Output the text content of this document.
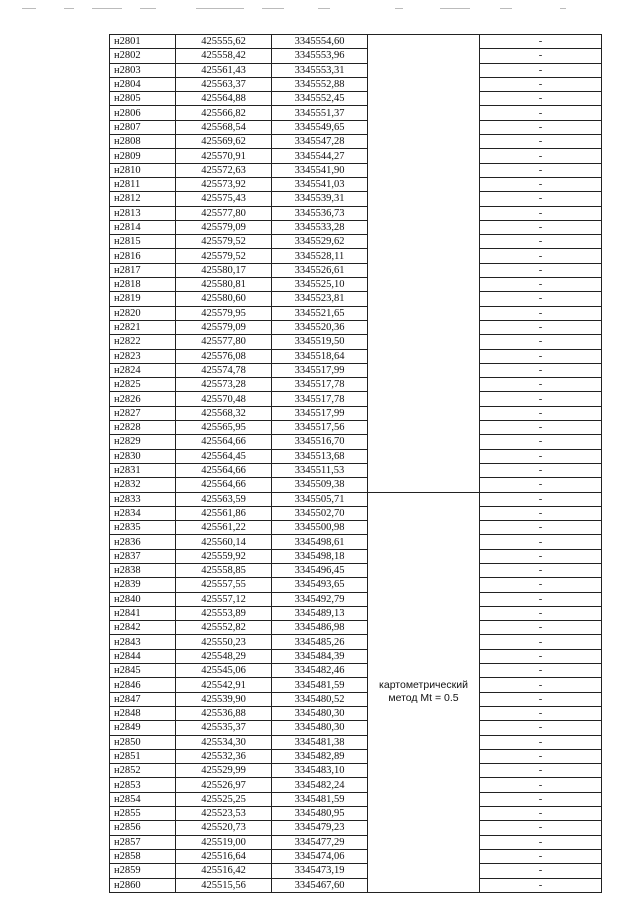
н2801	425555,62	3345554,60		-
н2802	425558,42	3345553,96		-
н2803	425561,43	3345553,31		-
н2804	425563,37	3345552,88		-
н2805	425564,88	3345552,45		-
н2806	425566,82	3345551,37		-
н2807	425568,54	3345549,65		-
н2808	425569,62	3345547,28		-
н2809	425570,91	3345544,27		-
н2810	425572,63	3345541,90		-
н2811	425573,92	3345541,03		-
н2812	425575,43	3345539,31		-
н2813	425577,80	3345536,73		-
н2814	425579,09	3345533,28		-
н2815	425579,52	3345529,62		-
н2816	425579,52	3345528,11		-
н2817	425580,17	3345526,61		-
н2818	425580,81	3345525,10		-
н2819	425580,60	3345523,81		-
н2820	425579,95	3345521,65		-
н2821	425579,09	3345520,36		-
н2822	425577,80	3345519,50		-
н2823	425576,08	3345518,64		-
н2824	425574,78	3345517,99		-
н2825	425573,28	3345517,78		-
н2826	425570,48	3345517,78		-
н2827	425568,32	3345517,99		-
н2828	425565,95	3345517,56		-
н2829	425564,66	3345516,70		-
н2830	425564,45	3345513,68		-
н2831	425564,66	3345511,53		-
н2832	425564,66	3345509,38		-
н2833	425563,59	3345505,71	картометрический метод Mt = 0.5	-
н2834	425561,86	3345502,70		-
н2835	425561,22	3345500,98		-
н2836	425560,14	3345498,61		-
н2837	425559,92	3345498,18		-
н2838	425558,85	3345496,45		-
н2839	425557,55	3345493,65		-
н2840	425557,12	3345492,79		-
н2841	425553,89	3345489,13		-
н2842	425552,82	3345486,98		-
н2843	425550,23	3345485,26		-
н2844	425548,29	3345484,39		-
н2845	425545,06	3345482,46		-
н2846	425542,91	3345481,59		-
н2847	425539,90	3345480,52		-
н2848	425536,88	3345480,30		-
н2849	425535,37	3345480,30		-
н2850	425534,30	3345481,38		-
н2851	425532,36	3345482,89		-
н2852	425529,99	3345483,10		-
н2853	425526,97	3345482,24		-
н2854	425525,25	3345481,59		-
н2855	425523,53	3345480,95		-
н2856	425520,73	3345479,23		-
н2857	425519,00	3345477,29		-
н2858	425516,64	3345474,06		-
н2859	425516,42	3345473,19		-
н2860	425515,56	3345467,60		-
